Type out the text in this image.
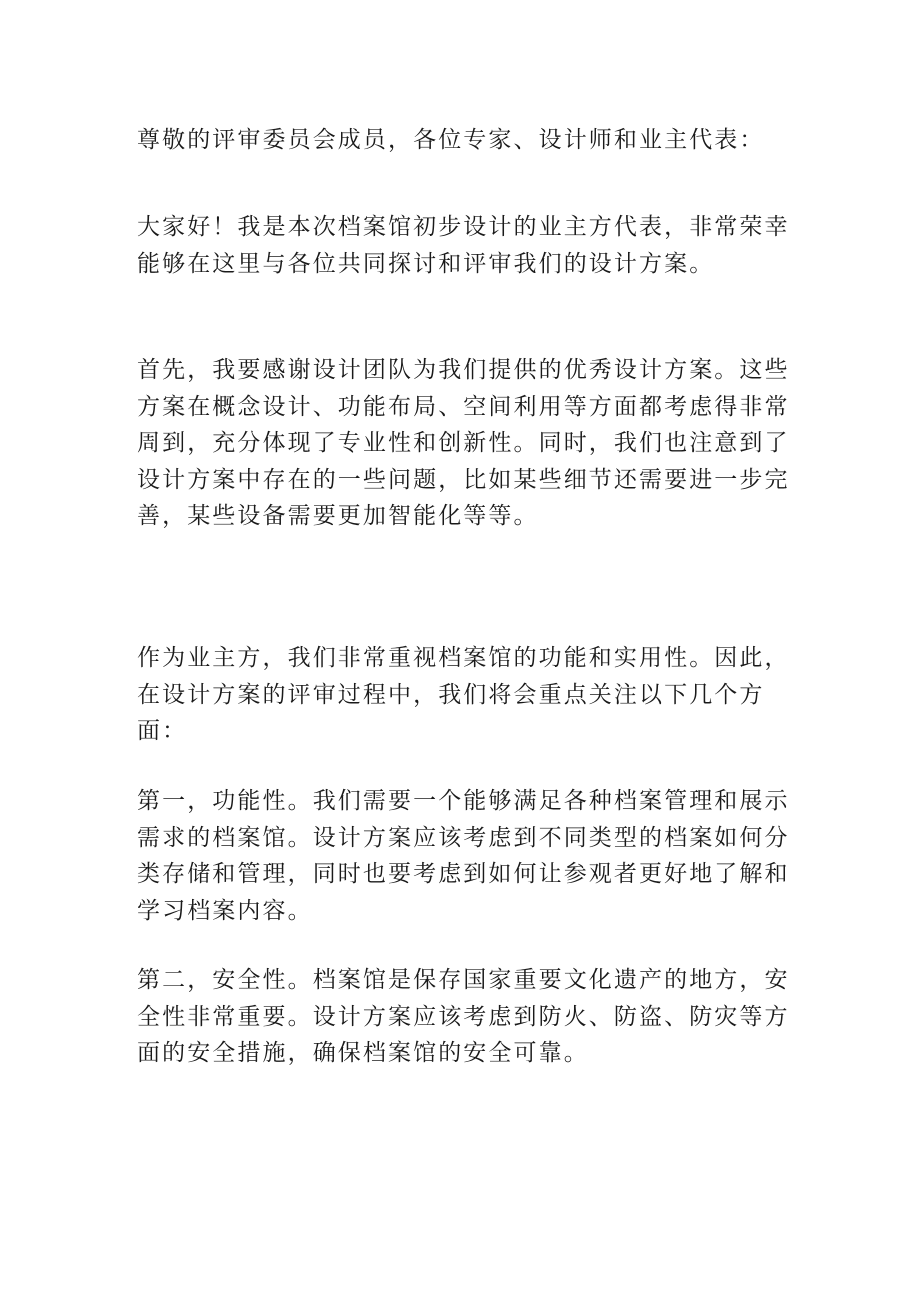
尊敬的评审委员会成员，各位专家、设计师和业主代表：

大家好！我是本次档案馆初步设计的业主方代表，非常荣幸能够在这里与各位共同探讨和评审我们的设计方案。

首先，我要感谢设计团队为我们提供的优秀设计方案。这些方案在概念设计、功能布局、空间利用等方面都考虑得非常周到，充分体现了专业性和创新性。同时，我们也注意到了设计方案中存在的一些问题，比如某些细节还需要进一步完善，某些设备需要更加智能化等等。

作为业主方，我们非常重视档案馆的功能和实用性。因此，在设计方案的评审过程中，我们将会重点关注以下几个方面：

第一，功能性。我们需要一个能够满足各种档案管理和展示需求的档案馆。设计方案应该考虑到不同类型的档案如何分类存储和管理，同时也要考虑到如何让参观者更好地了解和学习档案内容。

第二，安全性。档案馆是保存国家重要文化遗产的地方，安全性非常重要。设计方案应该考虑到防火、防盗、防灾等方面的安全措施，确保档案馆的安全可靠。
